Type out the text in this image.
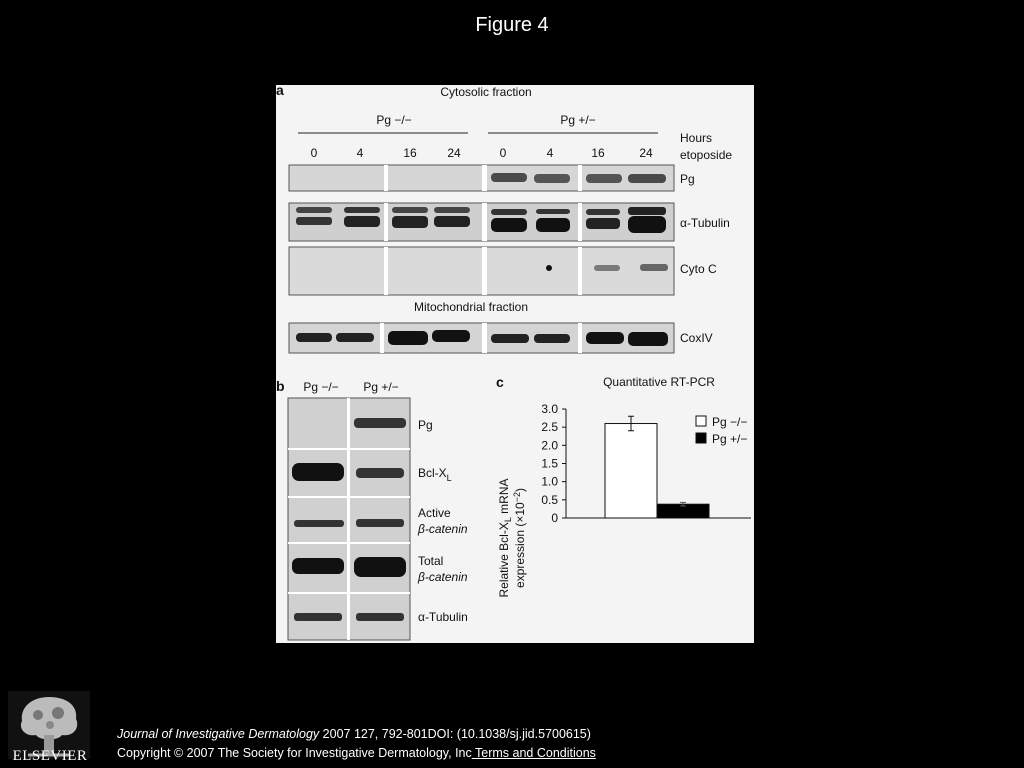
Figure 4
a	Cytosolic fraction
Pg −/−	Pg +/−
Hours
etoposide
0	4	16	24	0	4	16	24
Pg
α-Tubulin
Cyto C
Mitochondrial fraction
CoxIV
b Pg −/− Pg +/−
Pg
Bcl-$X_L$
Active
β-catenin
Total
β-catenin
α-Tubulin
c	Quantitative RT-PCR
Relative Bcl-$X_L$ mRNA
expression $(\times 10^{-2})$
0
0.5
1.0
1.5
2.0
2.5
3.0
Pg −/−
Pg +/−
ELSEVIER
Journal of Investigative Dermatology 2007 127, 792-801DOI: (10.1038/sj.jid.5700615)
Copyright © 2007 The Society for Investigative Dermatology, Inc Terms and Conditions
